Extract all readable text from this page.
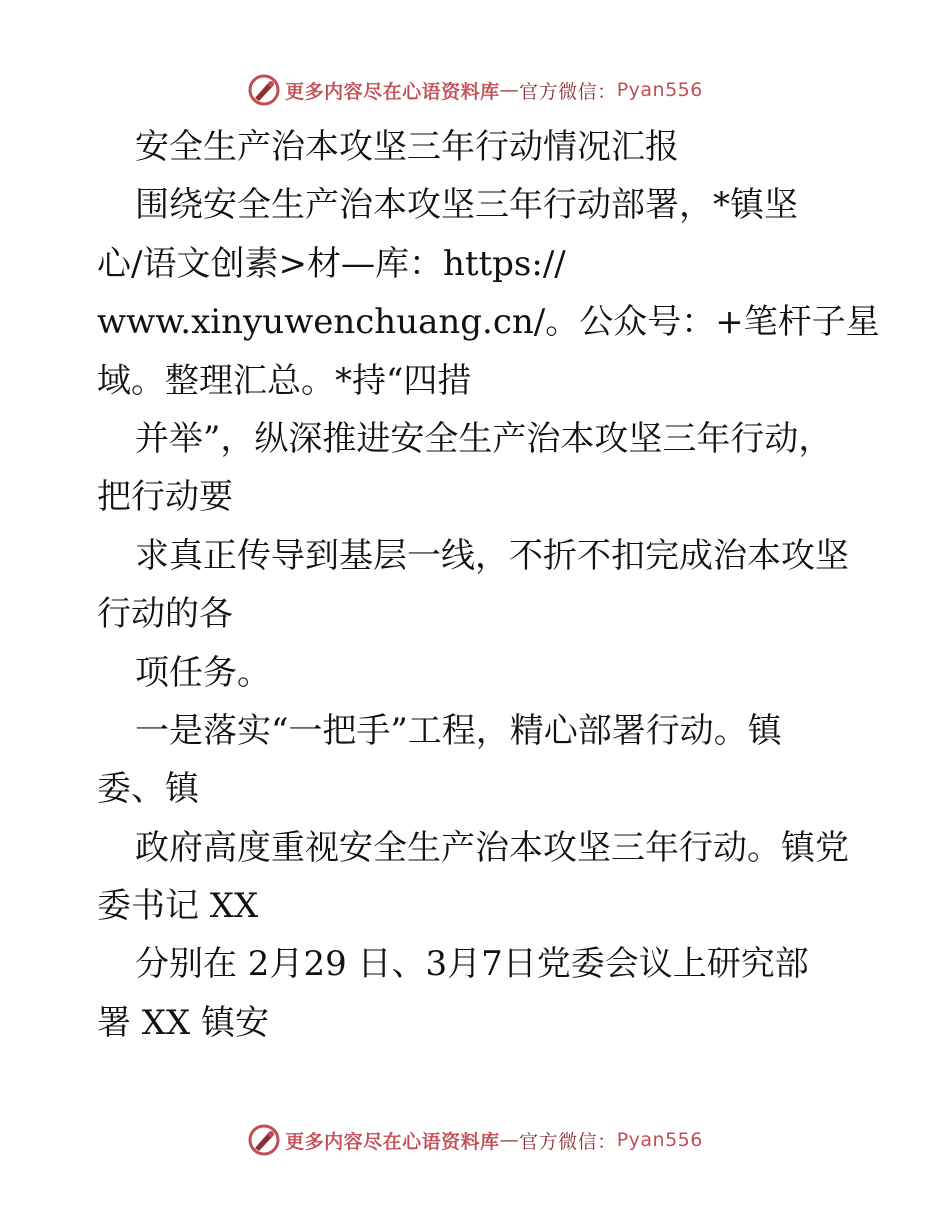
更多内容尽在心语资料库 — 官方微信： Pyan556
安全生产治本攻坚三年行动情况汇报
围绕安全生产治本攻坚三年行动部署，*镇坚
心/语文创素>材—库：https://
www.xinyuwenchuang.cn/。公众号：+笔杆子星
域。整理汇总。*持“四措
并举”，纵深推进安全生产治本攻坚三年行动，
把行动要
求真正传导到基层一线，不折不扣完成治本攻坚
行动的各
项任务。
一是落实“一把手”工程，精心部署行动。镇
委、镇
政府高度重视安全生产治本攻坚三年行动。镇党
委书记 XX
分别在 2月29 日、3月7日党委会议上研究部
署 XX 镇安
更多内容尽在心语资料库 — 官方微信： Pyan556
